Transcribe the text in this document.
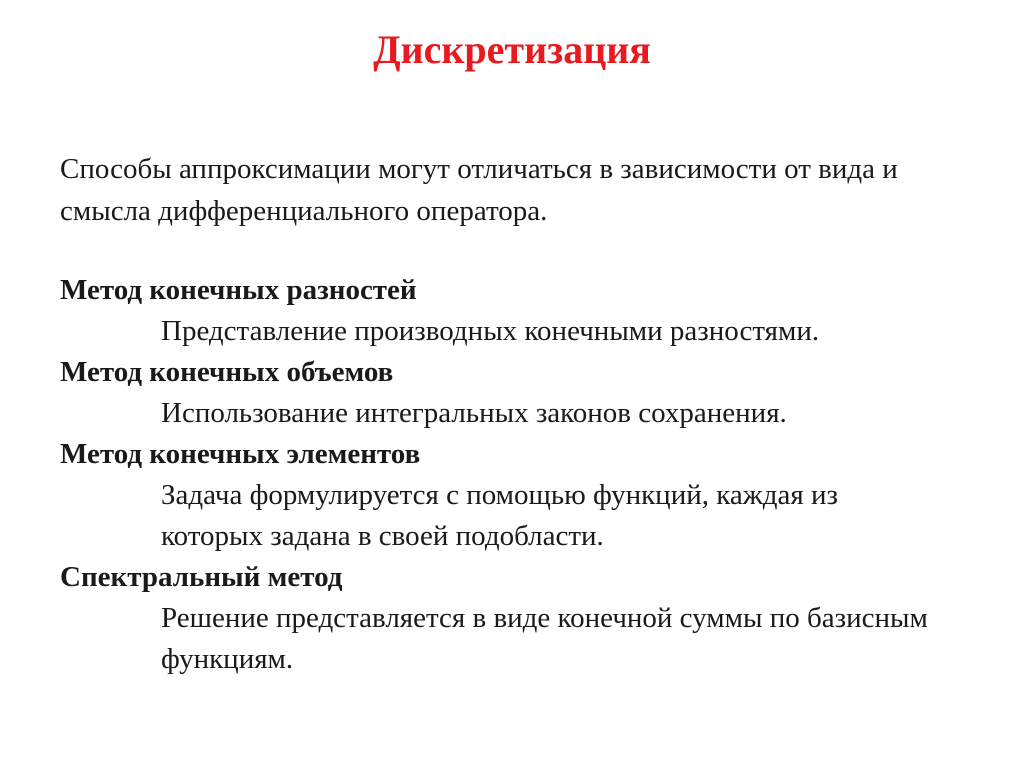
Дискретизация
Способы аппроксимации могут отличаться в зависимости от вида и смысла дифференциального оператора.
Метод конечных разностей
Представление производных конечными разностями.
Метод конечных объемов
Использование интегральных законов сохранения.
Метод конечных элементов
Задача формулируется с помощью функций, каждая из которых задана в своей подобласти.
Спектральный метод
Решение представляется в виде конечной суммы по базисным функциям.
